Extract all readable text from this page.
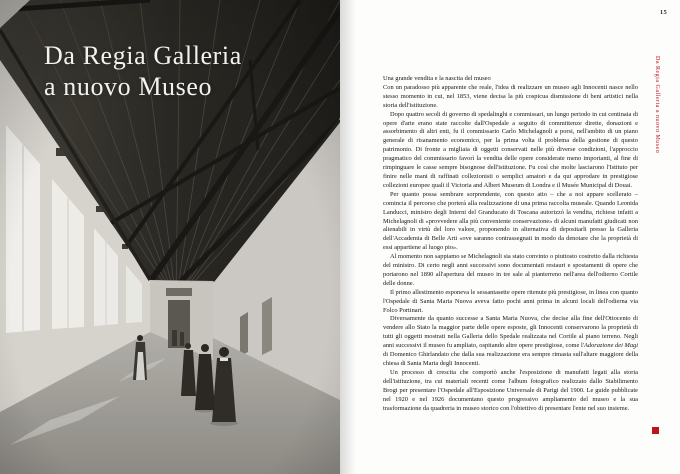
Da Regia Galleria
a nuovo Museo
15
Da Regia Galleria a nuovo Museo

Una grande vendita e la nascita del museo

Con un paradosso più apparente che reale, l'idea di realizzare un museo agli Innocenti nasce nello stesso momento in cui, nel 1853, viene decisa la più cospicua dismissione di beni artistici nella storia dell'istituzione.

Dopo quattro secoli di governo di spedalinghi e commissari, un lungo periodo in cui centinaia di opere d'arte erano state raccolte dall'Ospedale a seguito di committenze dirette, donazioni e assorbimento di altri enti, fu il commissario Carlo Michelagnoli a porsi, nell'ambito di un piano generale di risanamento economico, per la prima volta il problema della gestione di questo patrimonio. Di fronte a migliaia di oggetti conservati nelle più diverse condizioni, l'approccio pragmatico del commissario favorì la vendita delle opere considerate meno importanti, al fine di rimpinguare le casse sempre bisognose dell'istituzione. Fu così che molte lasciarono l'Istituto per finire nelle mani di raffinati collezionisti o semplici amatori e da qui approdare in prestigiose collezioni europee quali il Victoria and Albert Museum di Londra e il Musée Municipal di Douai.

Per quanto possa sembrare sorprendente, con questo atto – che a noi appare scellerato – comincia il percorso che porterà alla realizzazione di una prima raccolta museale. Quando Leonida Landucci, ministro degli Interni del Granducato di Toscana autorizzò la vendita, richiese infatti a Michelagnoli di «provvedere alla più conveniente conservazione» di alcuni manufatti giudicati non alienabili in virtù del loro valore, proponendo in alternativa di depositarli presso la Galleria dell'Accademia di Belle Arti «ove saranno contrassegnati in modo da denotare che la proprietà di essi appartiene al luogo pio».

Al momento non sappiamo se Michelagnoli sia stato convinto o piuttosto costretto dalla richiesta del ministro. Di certo negli anni successivi sono documentati restauri e spostamenti di opere che portarono nel 1890 all'apertura del museo in tre sale al pianterreno nell'area dell'odierno Cortile delle donne.

Il primo allestimento esponeva le sessantasette opere ritenute più prestigiose, in linea con quanto l'Ospedale di Santa Maria Nuova aveva fatto pochi anni prima in alcuni locali dell'odierna via Folco Portinari.

Diversamente da quanto successe a Santa Maria Nuova, che decise alla fine dell'Ottocento di vendere allo Stato la maggior parte delle opere esposte, gli Innocenti conservarono la proprietà di tutti gli oggetti mostrati nella Galleria dello Spedale realizzata nel Cortile al piano terreno. Negli anni successivi il museo fu ampliato, ospitando altre opere prestigiose, come l'Adorazione dei Magi di Domenico Ghirlandaio che dalla sua realizzazione era sempre rimasta sull'altare maggiore della chiesa di Santa Maria degli Innocenti.

Un processo di crescita che comportò anche l'esposizione di manufatti legati alla storia dell'istituzione, tra cui materiali recenti come l'album fotografico realizzato dallo Stabilimento Brogi per presentare l'Ospedale all'Esposizione Universale di Parigi del 1900. Le guide pubblicate nel 1920 e nel 1926 documentano questo progressivo ampliamento del museo e la sua trasformazione da quadreria in museo storico con l'obiettivo di presentare l'ente nel suo insieme.
